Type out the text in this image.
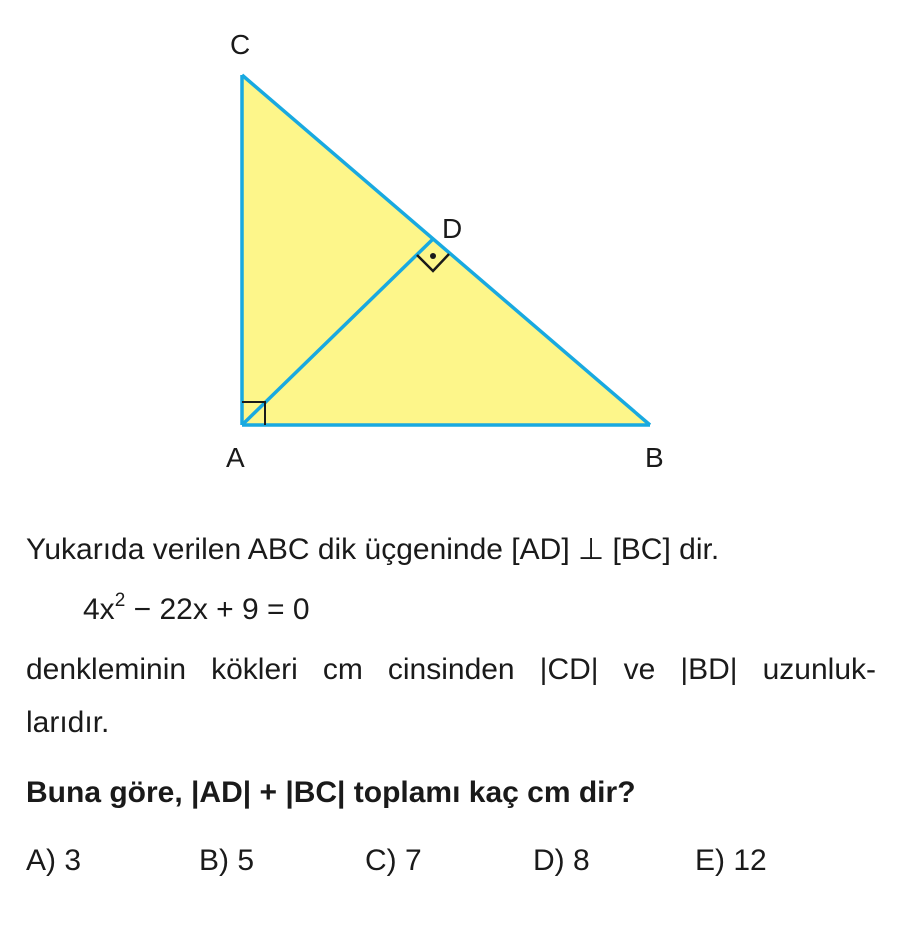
C
D
A	B
Yukarıda verilen ABC dik üçgeninde [AD] ⊥ [BC] dir.
$4x^2 - 22x + 9 = 0$
denkleminin kökleri cm cinsinden |CD| ve |BD| uzunluk-
larıdır.
Buna göre, |AD| + |BC| toplamı kaç cm dir?
A) 3	B) 5	C) 7	D) 8	E) 12
